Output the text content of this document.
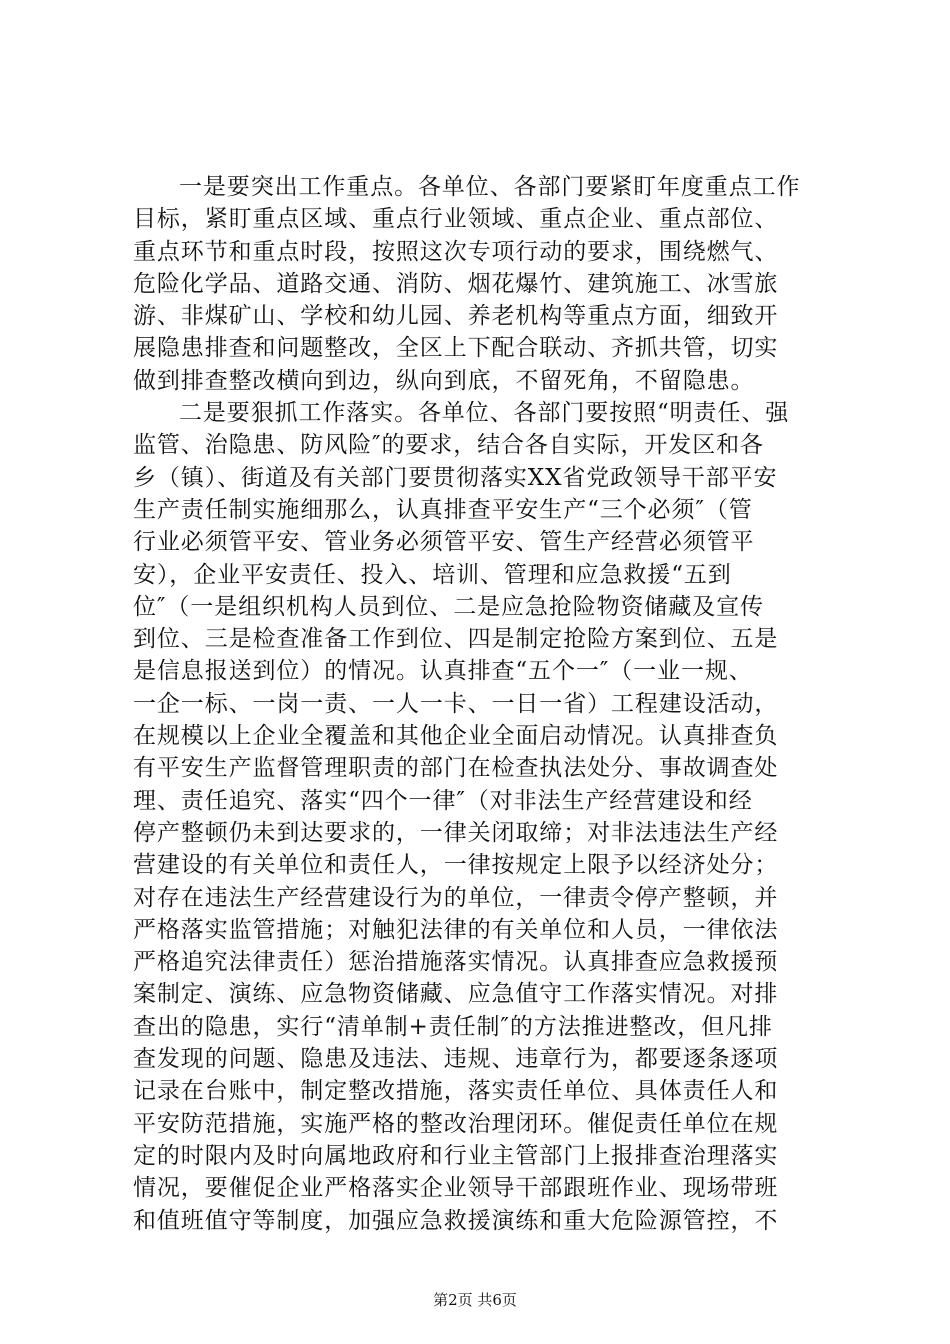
一是要突出工作重点。各单位、各部门要紧盯年度重点工作
目标，紧盯重点区域、重点行业领域、重点企业、重点部位、
重点环节和重点时段，按照这次专项行动的要求，围绕燃气、
危险化学品、道路交通、消防、烟花爆竹、建筑施工、冰雪旅
游、非煤矿山、学校和幼儿园、养老机构等重点方面，细致开
展隐患排查和问题整改，全区上下配合联动、齐抓共管，切实
做到排查整改横向到边，纵向到底，不留死角，不留隐患。
二是要狠抓工作落实。各单位、各部门要按照“明责任、强
监管、治隐患、防风险″的要求，结合各自实际，开发区和各
乡（镇）、街道及有关部门要贯彻落实XX省党政领导干部平安
生产责任制实施细那么，认真排查平安生产“三个必须″（管
行业必须管平安、管业务必须管平安、管生产经营必须管平
安），企业平安责任、投入、培训、管理和应急救援“五到
位″（一是组织机构人员到位、二是应急抢险物资储藏及宣传
到位、三是检查准备工作到位、四是制定抢险方案到位、五是
是信息报送到位）的情况。认真排查“五个一″（一业一规、
一企一标、一岗一责、一人一卡、一日一省）工程建设活动，
在规模以上企业全覆盖和其他企业全面启动情况。认真排查负
有平安生产监督管理职责的部门在检查执法处分、事故调查处
理、责任追究、落实“四个一律″（对非法生产经营建设和经
停产整顿仍未到达要求的，一律关闭取缔；对非法违法生产经
营建设的有关单位和责任人，一律按规定上限予以经济处分；
对存在违法生产经营建设行为的单位，一律责令停产整顿，并
严格落实监管措施；对触犯法律的有关单位和人员，一律依法
严格追究法律责任）惩治措施落实情况。认真排查应急救援预
案制定、演练、应急物资储藏、应急值守工作落实情况。对排
查出的隐患，实行“清单制+责任制″的方法推进整改，但凡排
查发现的问题、隐患及违法、违规、违章行为，都要逐条逐项
记录在台账中，制定整改措施，落实责任单位、具体责任人和
平安防范措施，实施严格的整改治理闭环。催促责任单位在规
定的时限内及时向属地政府和行业主管部门上报排查治理落实
情况，要催促企业严格落实企业领导干部跟班作业、现场带班
和值班值守等制度，加强应急救援演练和重大危险源管控，不
第2页 共6页
